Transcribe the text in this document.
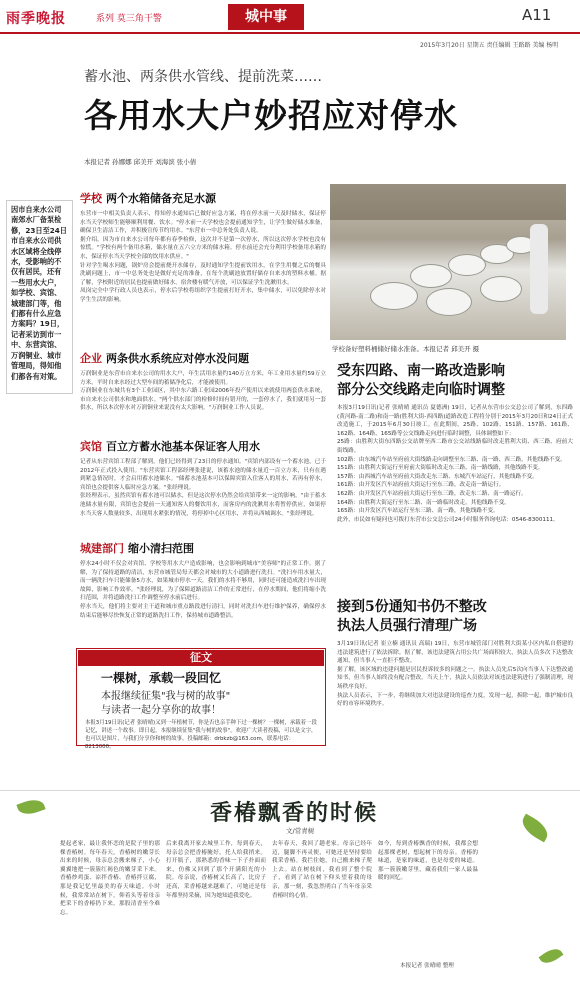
雨季晚报	系列 莫三角干警	城中事	A11
2015年3月20日 星期五 责任编辑 王路路 美编 杨明
蓄水池、两条供水管线、提前洗菜……
各用水大户妙招应对停水
本报记者 孙娜娜 邱美开 刘海滨 张小倩
因市自来水公司南郊水厂备泵检修，23日至24日市自来水公司供水区域将全线停水，受影响的不仅有居民，还有一些用水大户，如学校、宾馆、城建部门等，他们都有什么应急方案吗？19日，记者采访到市一中、东营宾馆、万润铜业、城市管理局，得知他们都各有对策。
学校 两个水箱储备充足水源
东营市一中相关负责人表示，得知停水通知后已做好应急方案，将在停水前一天及时储水，保证停水当天学校师生能够顺利用餐、饮水。"停水前一天学校也会提前通知学生，让学生做好储水准备，确保卫生清洁工作，并积极宣传节约用水。"东营市一中总务处负责人说。
据介绍，因为市自来水公司每年都有春季检修，这次并不是第一次停水，所以这次停水学校也没有惊慌。"学校有两个备用水箱，储水量在五六立方米的储水箱。停水前还会充分利用学校备用水箱的水，保证停水当天学校全部的饮用水供应。"
针对学生喝水问题，锅炉房会提前烧开水储存，及时通知学生提前饮用水，在学生用餐之后的餐具洗刷问题上，市一中总务处也是做好充足的准备，在每个洗刷池放置好储存自来水的塑料水桶。据了解，学校附近的居民也提前做好储水，宿舍楼有暖气开放，可以保证学生洗漱用水。
凤岗完全中学行政人员也表示，停水后学校将组织学生提前打好开水，集中储水，可以免除停水对学生生活的影响。
学校备好塑料桶储好储水准备。本报记者 邱美开 摄
企业 两条供水系统应对停水没问题
万润铜业是东营市自来水公司的用水大户，年生活用水量约140万立方米，年工业用水量约59万立方米。平时自来水经过大型车间的蓄储净化后，才能被使用。
万润铜业在东城共有3个工业园区，其中东六路工业园2006年投产使用以来就使用两套供水系统，市自来水公司供水和地面供水。"两个供水部门的检修时间有错开的，一套停水了，我们就用另一套供水，所以本次停水对万润铜业来说没有太大影响。"万润铜业工作人员说。
宾馆 百立方蓄水池基本保证客人用水
记者从东营宾馆工程部了解到，他们已经得到了23日的停水通知。"宾馆内部设有一个蓄水池，已于2012年正式投入使用。"东营宾馆工程部经理张建说，该蓄水池的储水量近一百立方米，只有在遇到紧急情况时，才会启用蓄水池储水。"储蓄水池基本可以保障宾馆入住客人的用水，若再有停水，宾馆也会提供客人临时应急方案。"张经理说。
张经理表示，虽然宾馆有蓄水池可以储水，但是这次停水仍然会给宾馆带来一定的影响。"由于蓄水池储水量有限，宾馆也会提前一天通知客人的餐饮用水，而客房内的洗漱用水将暂停供应，如果停水当天客人数量较多，出现用水紧张的情况，将停掉中心区用水，并将从西城调水。"张经理说。
城建部门 缩小清扫范围
停水24小时不仅会对宾馆、学校等用水大户造成影响，也会影响到城市"美容师"的正常工作。据了解，为了保持道路的清洁，东营市城管局每天都会对城市的大小道路进行洗扫。"洗扫车用水量大，而一辆洗扫车只能储备5方水，如果城市停水一天，我们的水将不够用，同时还可能造成洗扫车出现故障，影响工作效率。"张经理说，为了保障道路清洁工作的正常进行，在停水期间，他们将缩小洗扫范围，并将道路洗扫工作调整至停水前后进行。
停水当天，他们将主要对主干道和城市重点路段进行清扫，同时对洗扫车进行维护保养，确保停水结束后能够尽快恢复正常的道路洗扫工作，保持城市道路整洁。
受东四路、南一路改造影响
部分公交线路走向临时调整
本报3月19日讯(记者 张晴晴 通讯员 夏德洲) 19日，记者从东营市公交总公司了解到，东四路(黄河路-南二路)和南一路(胜利大街-西四路)道路改造工程将分别于2015年3月20日和24日正式改造施工，于2015年6月30日竣工。在此期间，25路、102路、151路、157路、161路、162路、164路、165路等公交线路走向进行临时调整，具体调整如下：
25路：由胜利大街东四路公交站牌至西二路市公交站线路临时改走胜利大街、西三路、府前大街线路。
102路：由东城汽车站至府前大街线路走向调整至东三路、南一路、西三路，其他线路不变。
151路：由胜利大街运行至府前大街临时改走东三路、南一路线路，其他线路不变。
157路：由西城汽车站至府前大街改走东三路、东城汽车站运行，其他线路不变。
161路：由开发区汽车站府前大街运行至东三路，改走南一路运行。
162路：由开发区汽车站府前大街运行至东三路，改走东二路、南一路运行。
164路：由胜利大街运行至东二路、南一路临时改走，其他线路不变。
165路：由开发区汽车站运行至东三路、南一路，其他线路不变。
此外，市民如有疑问也可拨打东营市公交总公司24小时服务咨询电话：0546-8300111。
接到5份通知书仍不整改
执法人员强行清理广场
3月19日讯(记者 崔立楠 通讯员 高瑞) 19日，东营市城管部门对胜利大街某小区内私自搭建的违法建筑进行了依法拆除。据了解，该违法建筑占用公共广场面积较大，执法人员多次下达整改通知，但当事人一直拒不整改。
据了解，该区域的违建问题是居民投诉较多的问题之一。执法人员先后5次向当事人下达整改通知书，但当事人始终没有配合整改。当天上午，执法人员依法对该违法建筑进行了强制清理，现场秩序良好。
执法人员表示，下一步，将继续加大对违法建设的巡查力度，发现一起，拆除一起，维护城市良好的市容环境秩序。
征文
一棵树，承载一段回忆
本报继续征集"我与树的故事"
与读者一起分享你的故事！
本报3月19日讯(记者 张晴晴)又到一年植树节，你是否也亲手种下过一棵树？一棵树，承载着一段记忆，讲述一个故事。即日起，本报继续征集"我与树的故事"，欢迎广大读者投稿，可以是文字，也可以是图片，与我们分享你和树的故事。投稿邮箱：drbkzb@163.com，联系电话：8213000。
香椿飘香的时候
文/常青树
提起老家，最让我怀恋的是院子里的那棵香椿树。每年春天，香椿树的嫩芽长出来的时候，母亲总会搬来梯子，小心翼翼地把一簇簇红褐色的嫩芽采下来。香椿炒鸡蛋、凉拌香椿、香椿拌豆腐，那是我记忆里最美的春天味道。小时候，我常常站在树下，仰着头等着母亲把采下的香椿扔下来，那股清香至今难忘。
后来我离开家去城里工作，每到春天，母亲总会把香椿腌好，托人给我捎来。打开瓶子，那熟悉的香味一下子扑面而来，仿佛又回到了那个开满阳光的小院。母亲说，香椿树又长高了，比房子还高，采香椿越来越难了，可她还是每年都坚持采摘，因为她知道我爱吃。
去年春天，我回了趟老家。母亲已经年迈，腿脚不再灵便，可她还是坚持要给我采香椿。我拦住她，自己搬来梯子爬上去。站在树枝间，我看到了整个院子，看到了站在树下仰头望着我的母亲，那一刻，我忽然明白了当年母亲采香椿时的心情。
如今，每到香椿飘香的时候，我都会想起那棵老树，想起树下的母亲。香椿的味道，是家的味道，也是母爱的味道。那一簇簇嫩芽里，藏着我们一家人最温暖的回忆。
本报记者 张晴晴 整理
